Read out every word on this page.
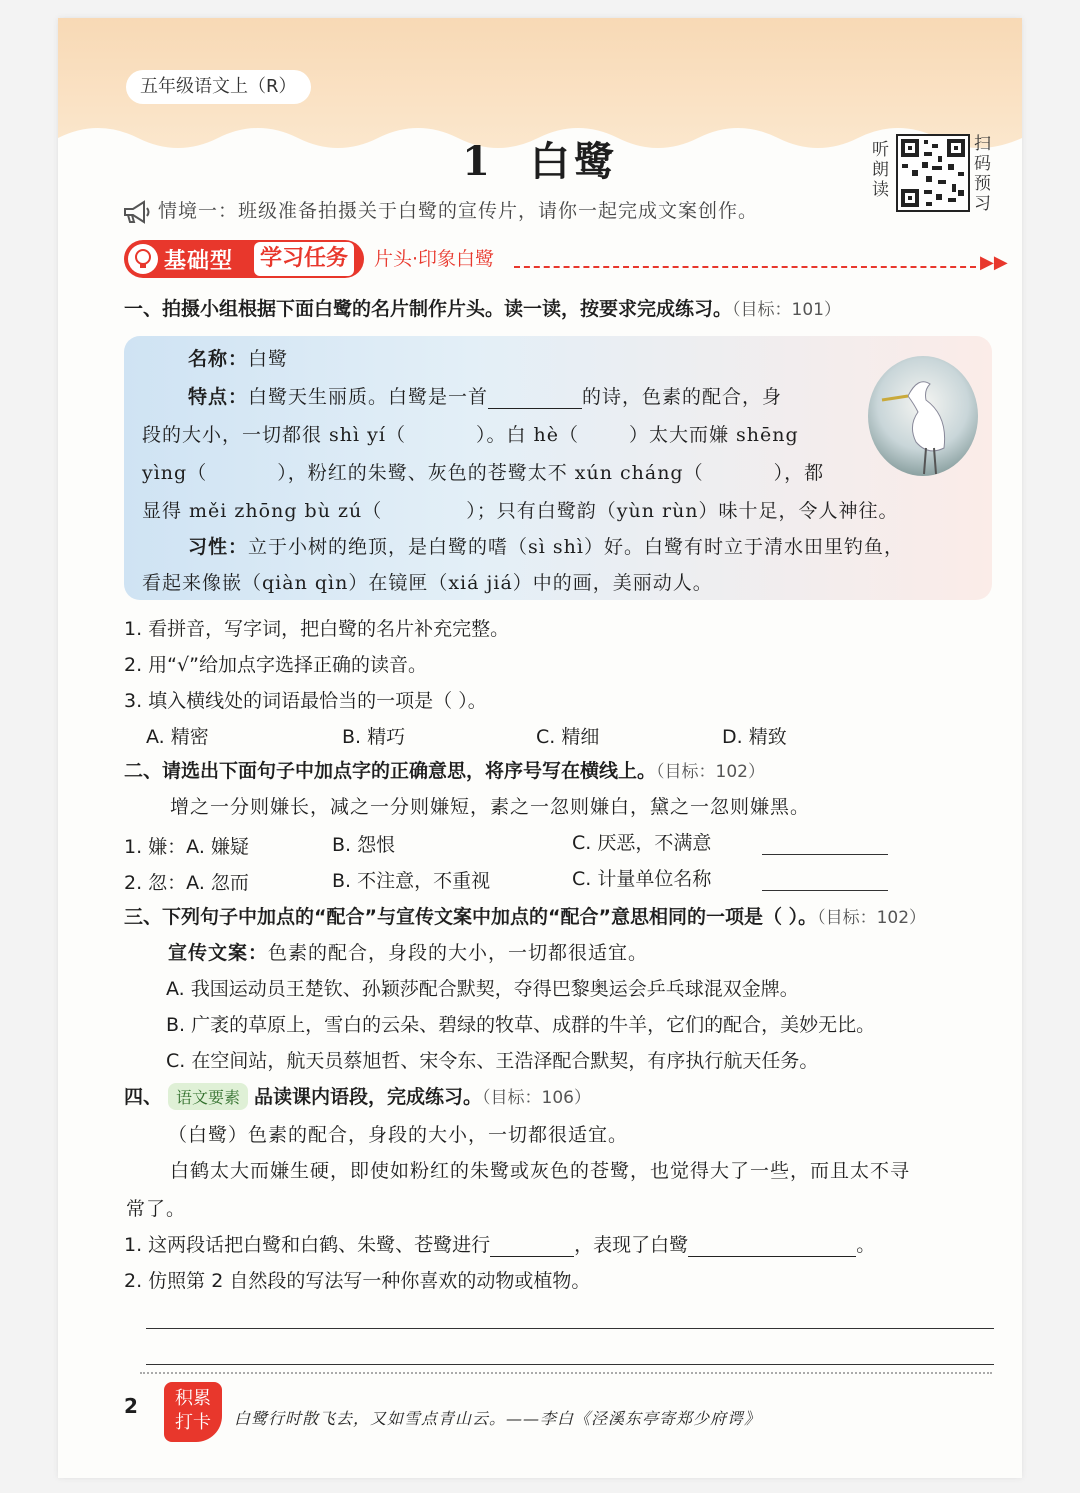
五年级语文上（R）
1 白鹭	听朗读
扫码预习
情境一：班级准备拍摄关于白鹭的宣传片，请你一起完成文案创作。
基础型 学习任务	片头·印象白鹭	▶▶
一、拍摄小组根据下面白鹭的名片制作片头。读一读，按要求完成练习。（目标：101）
名称：白鹭
特点：白鹭天生丽质。白鹭是一首	的诗，色素的配合，身
段的大小，一切都很 shì yí（	）。白 hè（	）太大而嫌 shēng
yìng（	），粉红的朱鹭、灰色的苍鹭太不 xún cháng（	），都
显得 měi zhōng bù zú（	）；只有白鹭韵（yùn rùn）味十足，令人神往。
习性：立于小树的绝顶，是白鹭的嗜（sì shì）好。白鹭有时立于清水田里钓鱼，
看起来像嵌（qiàn qìn）在镜匣（xiá jiá）中的画，美丽动人。
1. 看拼音，写字词，把白鹭的名片补充完整。
2. 用“√”给加点字选择正确的读音。
3. 填入横线处的词语最恰当的一项是（ ）。
A. 精密	B. 精巧	C. 精细	D. 精致
二、请选出下面句子中加点字的正确意思，将序号写在横线上。（目标：102）
增之一分则嫌长，减之一分则嫌短，素之一忽则嫌白，黛之一忽则嫌黑。
1. 嫌：A. 嫌疑	B. 怨恨	C. 厌恶，不满意
2. 忽：A. 忽而	B. 不注意，不重视	C. 计量单位名称
三、下列句子中加点的“配合”与宣传文案中加点的“配合”意思相同的一项是（ ）。（目标：102）
宣传文案：色素的配合，身段的大小，一切都很适宜。
A. 我国运动员王楚钦、孙颖莎配合默契，夺得巴黎奥运会乒乓球混双金牌。
B. 广袤的草原上，雪白的云朵、碧绿的牧草、成群的牛羊，它们的配合，美妙无比。
C. 在空间站，航天员蔡旭哲、宋令东、王浩泽配合默契，有序执行航天任务。
四、 语文要素 品读课内语段，完成练习。（目标：106）
（白鹭）色素的配合，身段的大小，一切都很适宜。
白鹤太大而嫌生硬，即使如粉红的朱鹭或灰色的苍鹭，也觉得大了一些，而且太不寻
常了。
1. 这两段话把白鹭和白鹤、朱鹭、苍鹭进行	，表现了白鹭	。
2. 仿照第 2 自然段的写法写一种你喜欢的动物或植物。
2	积累
打卡	白鹭行时散飞去，又如雪点青山云。——李白《泾溪东亭寄郑少府谔》
